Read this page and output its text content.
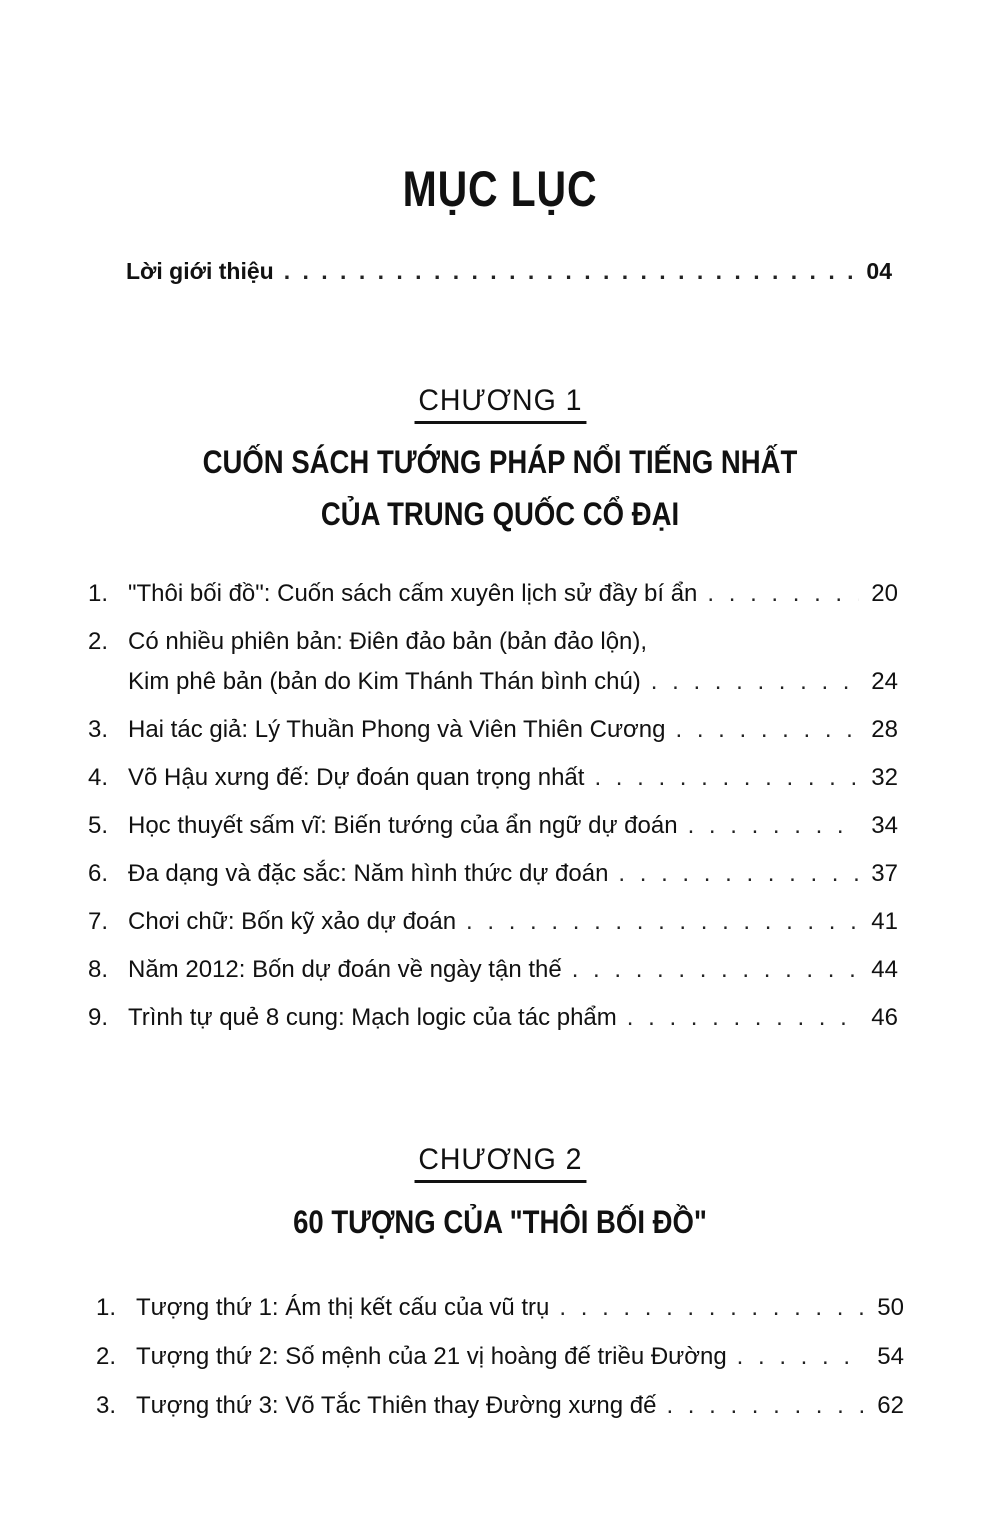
MỤC LỤC
Lời giới thiệu . . .	04
CHƯƠNG 1
CUỐN SÁCH TƯỚNG PHÁP NỔI TIẾNG NHẤT
CỦA TRUNG QUỐC CỔ ĐẠI
1. "Thôi bối đồ": Cuốn sách cấm xuyên lịch sử đầy bí ẩn . . .	20
2. Có nhiều phiên bản: Điên đảo bản (bản đảo lộn),
Kim phê bản (bản do Kim Thánh Thán bình chú) . . .	24
3. Hai tác giả: Lý Thuần Phong và Viên Thiên Cương . . .	28
4. Võ Hậu xưng đế: Dự đoán quan trọng nhất . . .	32
5. Học thuyết sấm vĩ: Biến tướng của ẩn ngữ dự đoán . . .	34
6. Đa dạng và đặc sắc: Năm hình thức dự đoán . . .	37
7. Chơi chữ: Bốn kỹ xảo dự đoán . . .	41
8. Năm 2012: Bốn dự đoán về ngày tận thế . . .	44
9. Trình tự quẻ 8 cung: Mạch logic của tác phẩm . . .	46
CHƯƠNG 2
60 TƯỢNG CỦA "THÔI BỐI ĐỒ"
1. Tượng thứ 1: Ám thị kết cấu của vũ trụ . . .	50
2. Tượng thứ 2: Số mệnh của 21 vị hoàng đế triều Đường . . .	54
3. Tượng thứ 3: Võ Tắc Thiên thay Đường xưng đế . . .	62
